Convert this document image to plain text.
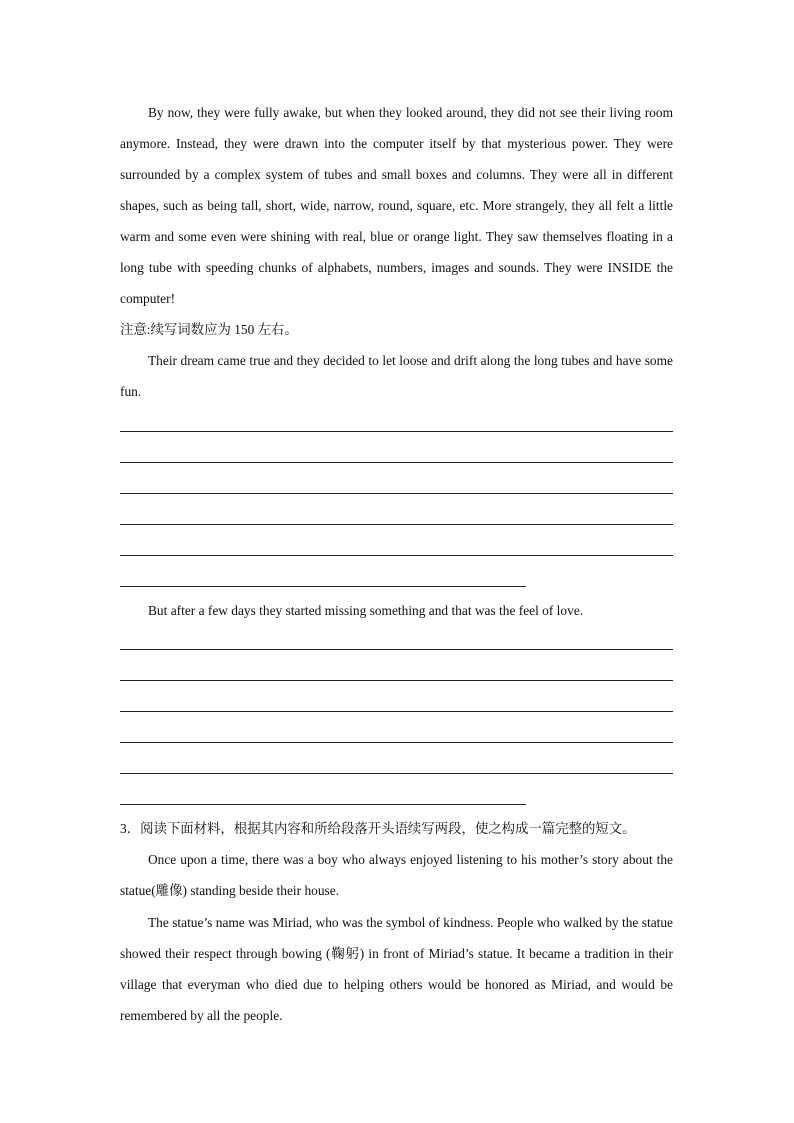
By now, they were fully awake, but when they looked around, they did not see their living room anymore. Instead, they were drawn into the computer itself by that mysterious power. They were surrounded by a complex system of tubes and small boxes and columns. They were all in different shapes, such as being tall, short, wide, narrow, round, square, etc. More strangely, they all felt a little warm and some even were shining with real, blue or orange light. They saw themselves floating in a long tube with speeding chunks of alphabets, numbers, images and sounds. They were INSIDE the computer!

注意:续写词数应为 150 左右。

Their dream came true and they decided to let loose and drift along the long tubes and have some fun.

But after a few days they started missing something and that was the feel of love.

3．阅读下面材料，根据其内容和所给段落开头语续写两段，使之构成一篇完整的短文。

Once upon a time, there was a boy who always enjoyed listening to his mother’s story about the statue(雕像) standing beside their house.

The statue’s name was Miriad, who was the symbol of kindness. People who walked by the statue showed their respect through bowing (鞠躬) in front of Miriad’s statue. It became a tradition in their village that everyman who died due to helping others would be honored as Miriad, and would be remembered by all the people.
